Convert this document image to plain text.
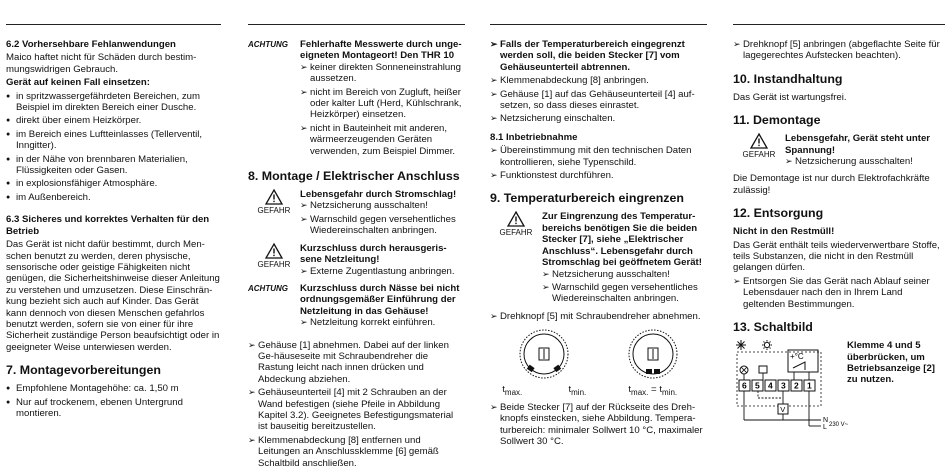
6.2 Vorhersehbare Fehlanwendungen
Maico haftet nicht für Schäden durch bestim-mungswidrigen Gebrauch.
Gerät auf keinen Fall einsetzen:
● in spritzwassergefährdeten Bereichen, zum Beispiel im direkten Bereich einer Dusche.
● direkt über einem Heizkörper.
● im Bereich eines Luftteinlasses (Tellerventil, Inngitter).
● in der Nähe von brennbaren Materialien, Flüssigkeiten oder Gasen.
● in explosionsfähiger Atmosphäre.
● im Außenbereich.
6.3 Sicheres und korrektes Verhalten für den Betrieb
Das Gerät ist nicht dafür bestimmt, durch Men-schen benutzt zu werden, deren physische, sensorische oder geistige Fähigkeiten nicht genügen, die Sicherheitshinweise dieser Anleitung zu verstehen und umzusetzen. Diese Einschrän-kung bezieht sich auch auf Kinder. Das Gerät kann dennoch von diesen Menschen gefahrlos benutzt werden, sofern sie von einer für ihre Sicherheit zuständige Person beaufsichtigt oder in geeigneter Weise unterwiesen werden.
7. Montagevorbereitungen
● Empfohlene Montagehöhe: ca. 1,50 m
● Nur auf trockenem, ebenen Untergrund montieren.
ACHTUNG	Fehlerhafte Messwerte durch unge-eigneten Montageort! Den THR 10
➢ keiner direkten Sonneneinstrahlung aussetzen.
➢ nicht im Bereich von Zugluft, heißer oder kalter Luft (Herd, Kühlschrank, Heizkörper) einsetzen.
➢ nicht in Bauteinheit mit anderen, wärmeerzeugenden Geräten verwenden, zum Beispiel Dimmer.
8. Montage / Elektrischer Anschluss
GEFAHR
Lebensgefahr durch Stromschlag!
➢ Netzsicherung ausschalten!
➢ Warnschild gegen versehentliches Wiedereinschalten anbringen.
GEFAHR
Kurzschluss durch herausgeris-sene Netzleitung!
➢ Externe Zugentlastung anbringen.
ACHTUNG	Kurzschluss durch Nässe bei nicht ordnungsgemäßer Einführung der Netzleitung in das Gehäuse!
➢ Netzleitung korrekt einführen.
➢ Gehäuse [1] abnehmen. Dabei auf der linken Ge-häuseseite mit Schraubendreher die Rastung leicht nach innen drücken und Abdeckung abziehen.
➢ Gehäuseunterteil [4] mit 2 Schrauben an der Wand befestigen (siehe Pfeile in Abbildung Kapitel 3.2). Geeignetes Befestigungsmaterial ist bauseitig bereitzustellen.
➢ Klemmenabdeckung [8] entfernen und Leitungen an Anschlussklemme [6] gemäß Schaltbild anschließen.
➢ Falls der Temperaturbereich eingegrenzt werden soll, die beiden Stecker [7] vom Gehäuseunterteil abtrennen.
➢ Klemmenabdeckung [8] anbringen.
➢ Gehäuse [1] auf das Gehäuseunterteil [4] auf-setzen, so dass dieses einrastet.
➢ Netzsicherung einschalten.
8.1 Inbetriebnahme
➢ Übereinstimmung mit den technischen Daten kontrollieren, siehe Typenschild.
➢ Funktionstest durchführen.
9. Temperaturbereich eingrenzen
GEFAHR
Zur Eingrenzung des Temperatur-bereichs benötigen Sie die beiden Stecker [7], siehe „Elektrischer Anschluss“. Lebensgefahr durch Stromschlag bei geöffnetem Gerät!
➢ Netzsicherung ausschalten!
➢ Warnschild gegen versehentliches Wiedereinschalten anbringen.
➢ Drehknopf [5] mit Schraubendreher abnehmen.
$t_{max.}$	$t_{min.}$	$t_{max.} = t_{min.}$
➢ Beide Stecker [7] auf der Rückseite des Dreh-knopfs einstecken, siehe Abbildung. Tempera-turbereich: minimaler Sollwert 10 °C, maximaler Sollwert 30 °C.
➢ Drehknopf [5] anbringen (abgeflachte Seite für lagegerechtes Aufstecken beachten).
10. Instandhaltung
Das Gerät ist wartungsfrei.
11. Demontage
GEFAHR
Lebensgefahr, Gerät steht unter Spannung!
➢ Netzsicherung ausschalten!
Die Demontage ist nur durch Elektrofachkräfte zulässig!
12. Entsorgung
Nicht in den Restmüll!
Das Gerät enthält teils wiederverwertbare Stoffe, teils Substanzen, die nicht in den Restmüll gelangen dürfen.
➢ Entsorgen Sie das Gerät nach Ablauf seiner Lebensdauer nach den in Ihrem Land geltenden Bestimmungen.
13. Schaltbild
+°C
6 5 4 3 2 1
V
N
L 230 V~
Klemme 4 und 5 überbrücken, um Betriebsanzeige [2] zu nutzen.
